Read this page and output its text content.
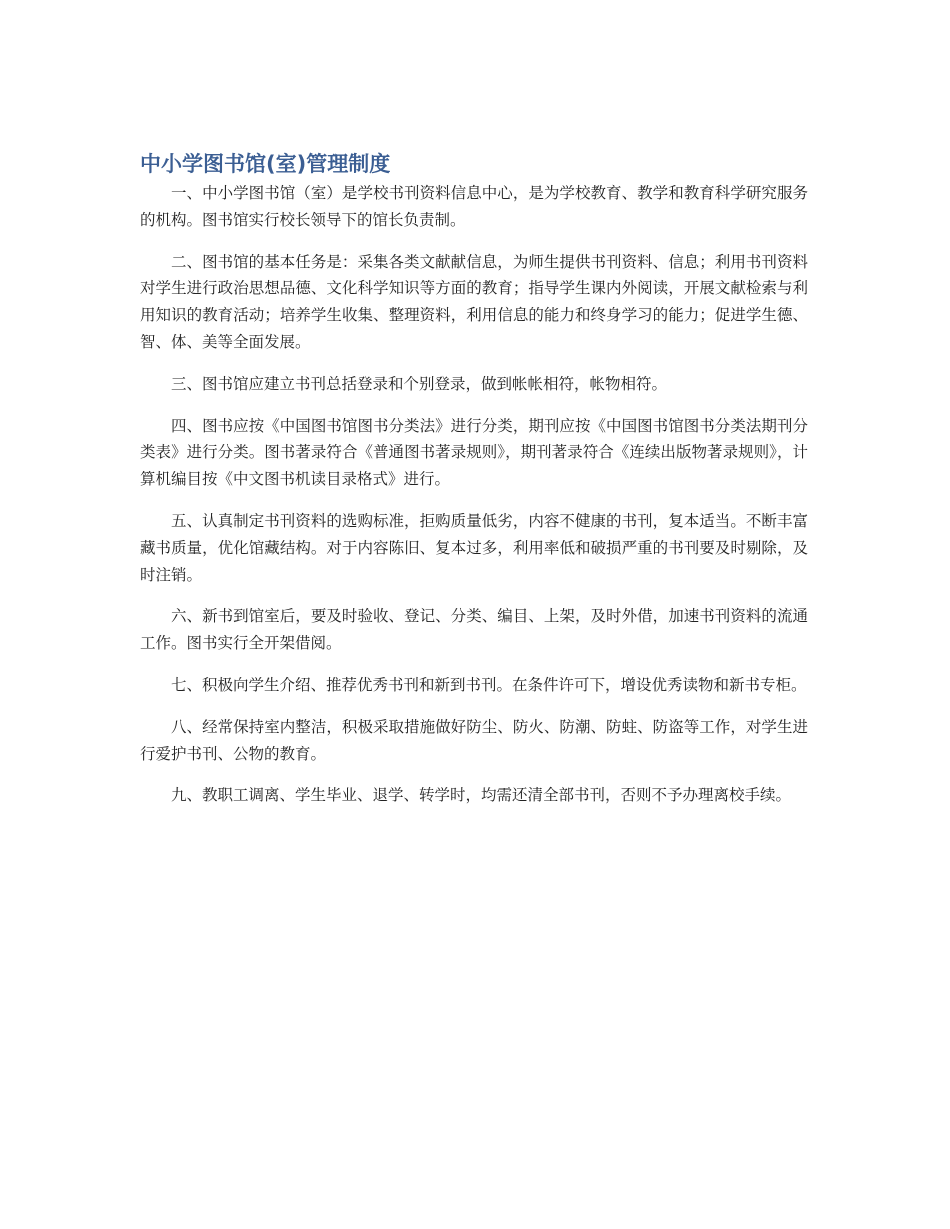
中小学图书馆(室)管理制度

一、中小学图书馆（室）是学校书刊资料信息中心，是为学校教育、教学和教育科学研究服务的机构。图书馆实行校长领导下的馆长负责制。

二、图书馆的基本任务是：采集各类文献献信息，为师生提供书刊资料、信息；利用书刊资料对学生进行政治思想品德、文化科学知识等方面的教育；指导学生课内外阅读，开展文献检索与利用知识的教育活动；培养学生收集、整理资料，利用信息的能力和终身学习的能力；促进学生德、智、体、美等全面发展。

三、图书馆应建立书刊总括登录和个别登录，做到帐帐相符，帐物相符。

四、图书应按《中国图书馆图书分类法》进行分类，期刊应按《中国图书馆图书分类法期刊分类表》进行分类。图书著录符合《普通图书著录规则》，期刊著录符合《连续出版物著录规则》，计算机编目按《中文图书机读目录格式》进行。

五、认真制定书刊资料的选购标准，拒购质量低劣，内容不健康的书刊，复本适当。不断丰富藏书质量，优化馆藏结构。对于内容陈旧、复本过多，利用率低和破损严重的书刊要及时剔除，及时注销。

六、新书到馆室后，要及时验收、登记、分类、编目、上架，及时外借，加速书刊资料的流通工作。图书实行全开架借阅。

七、积极向学生介绍、推荐优秀书刊和新到书刊。在条件许可下，增设优秀读物和新书专柜。

八、经常保持室内整洁，积极采取措施做好防尘、防火、防潮、防蛀、防盗等工作，对学生进行爱护书刊、公物的教育。

九、教职工调离、学生毕业、退学、转学时，均需还清全部书刊，否则不予办理离校手续。
